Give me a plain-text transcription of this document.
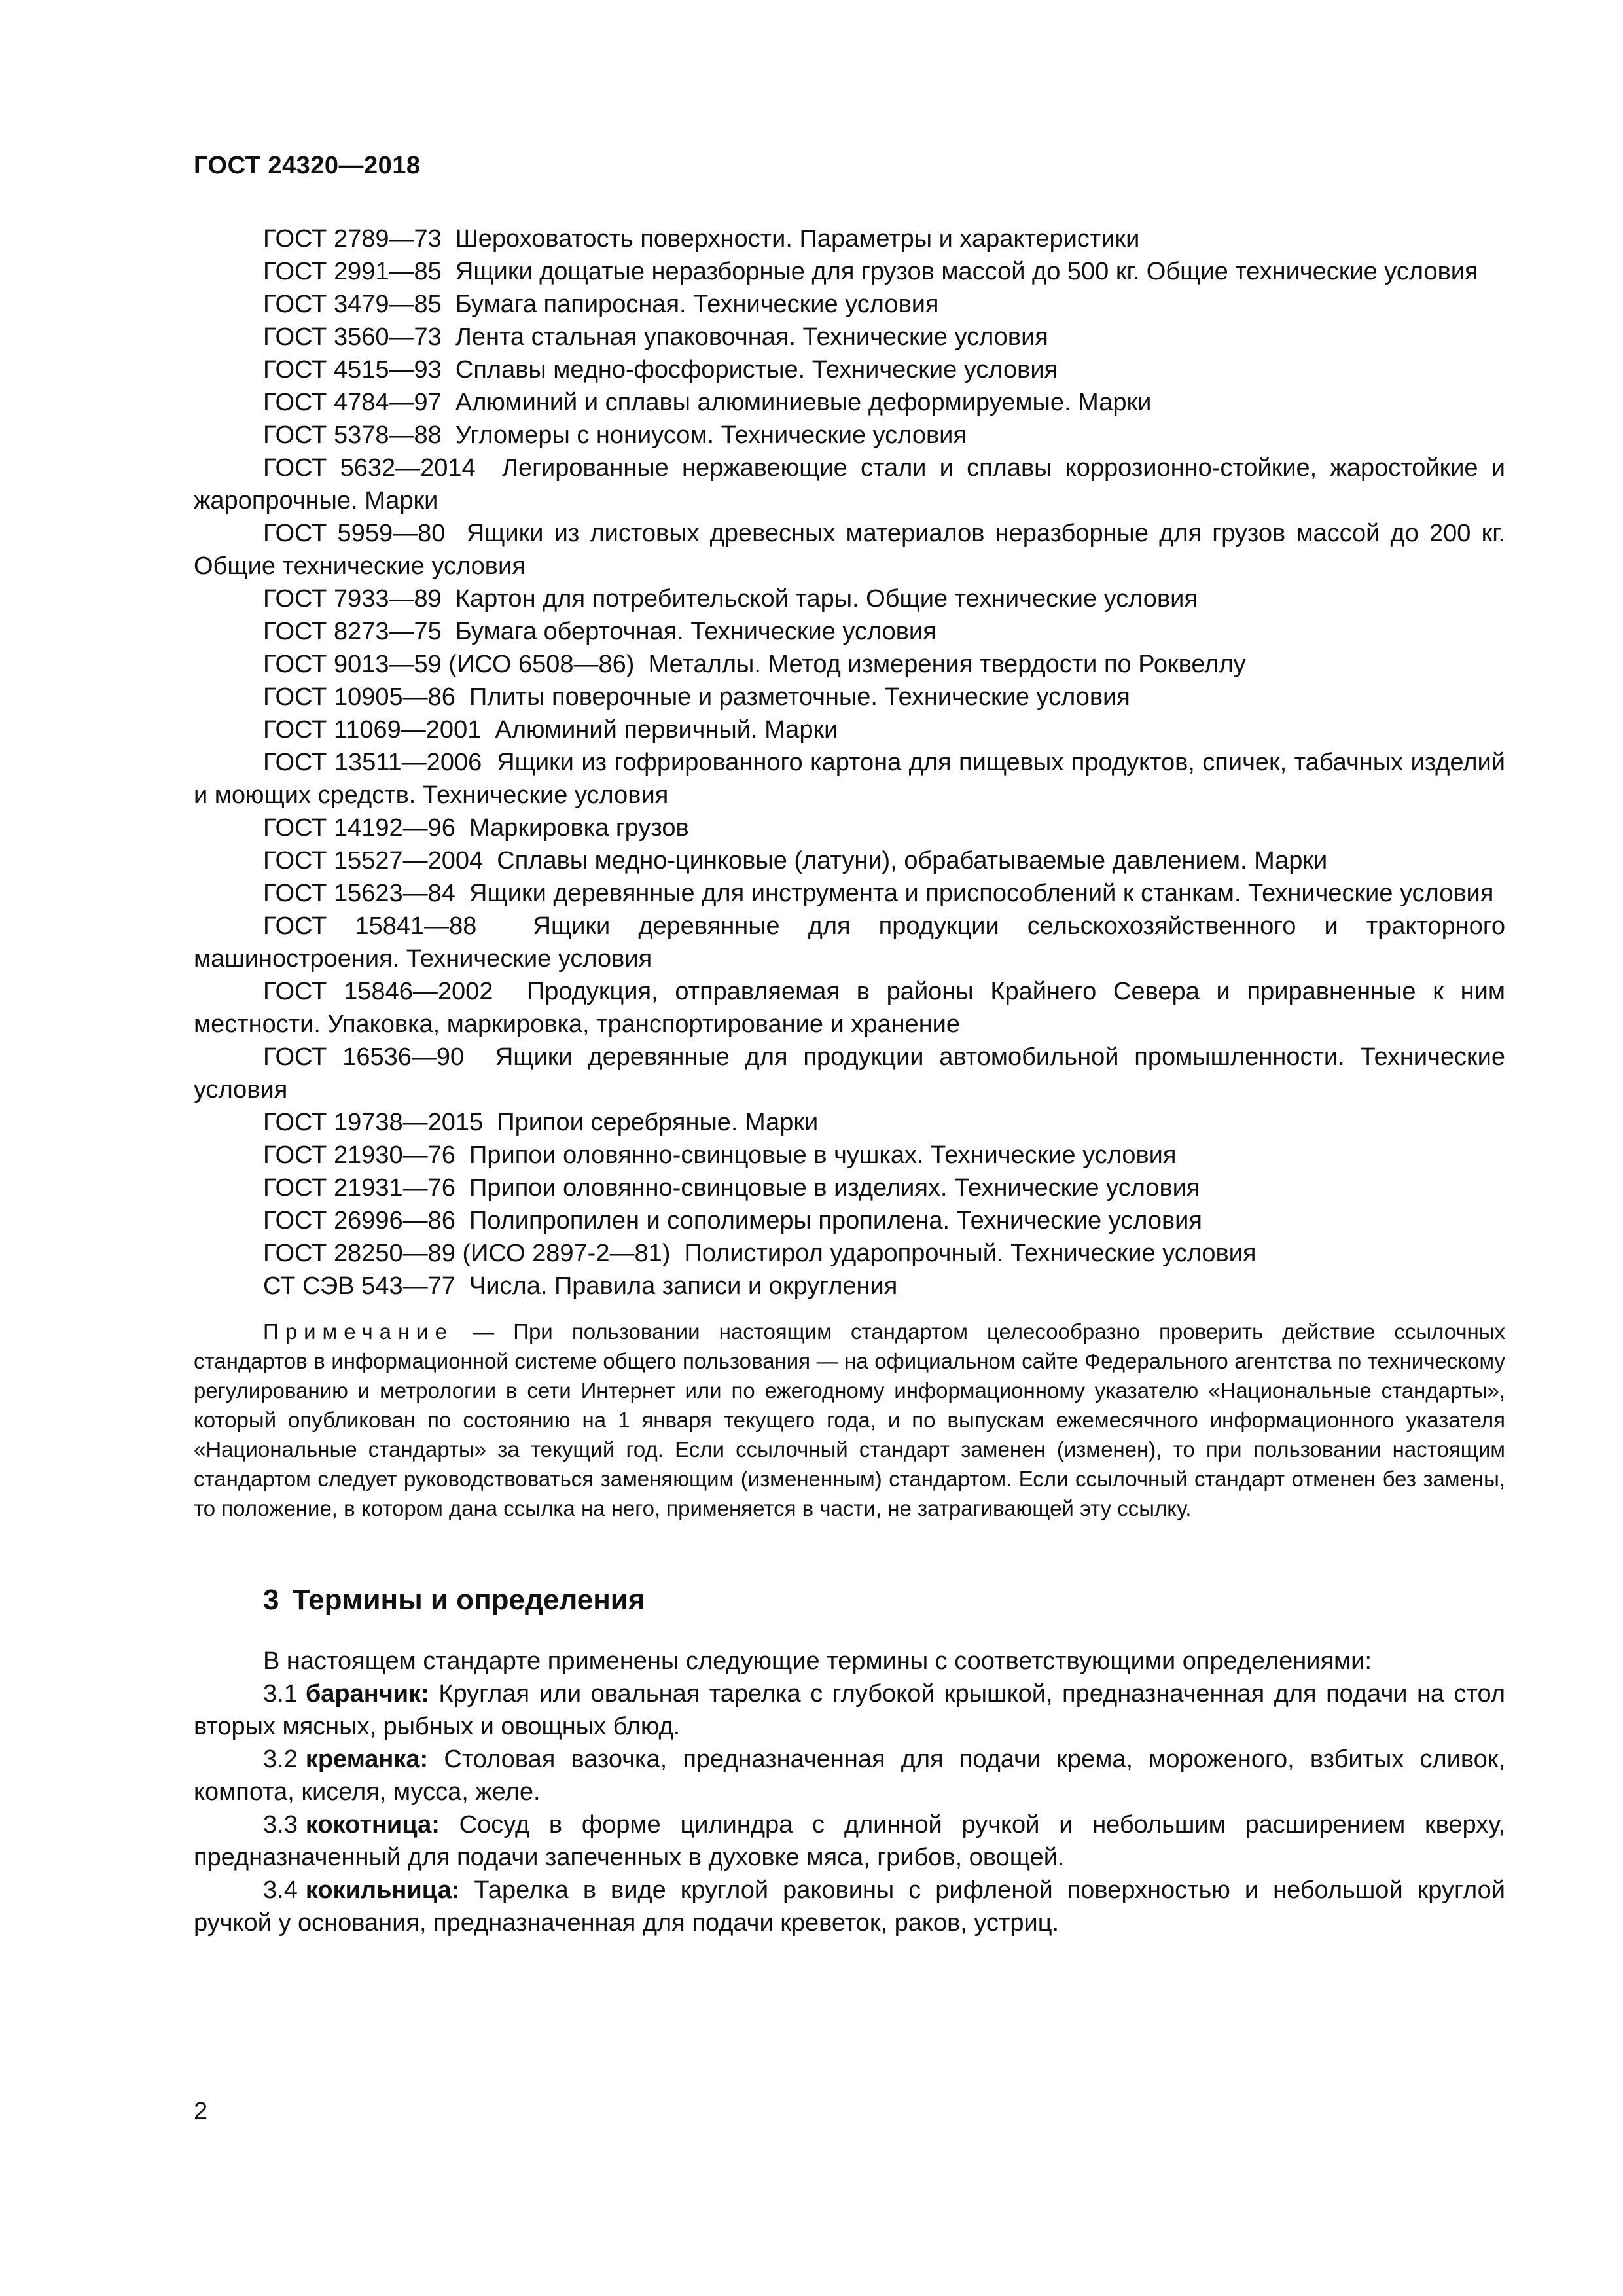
ГОСТ 24320—2018

ГОСТ 2789—73 Шероховатость поверхности. Параметры и характеристики

ГОСТ 2991—85 Ящики дощатые неразборные для грузов массой до 500 кг. Общие технические условия

ГОСТ 3479—85 Бумага папиросная. Технические условия

ГОСТ 3560—73 Лента стальная упаковочная. Технические условия

ГОСТ 4515—93 Сплавы медно-фосфористые. Технические условия

ГОСТ 4784—97 Алюминий и сплавы алюминиевые деформируемые. Марки

ГОСТ 5378—88 Угломеры с нониусом. Технические условия

ГОСТ 5632—2014 Легированные нержавеющие стали и сплавы коррозионно-стойкие, жаростойкие и жаропрочные. Марки

ГОСТ 5959—80 Ящики из листовых древесных материалов неразборные для грузов массой до 200 кг. Общие технические условия

ГОСТ 7933—89 Картон для потребительской тары. Общие технические условия

ГОСТ 8273—75 Бумага оберточная. Технические условия

ГОСТ 9013—59 (ИСО 6508—86) Металлы. Метод измерения твердости по Роквеллу

ГОСТ 10905—86 Плиты поверочные и разметочные. Технические условия

ГОСТ 11069—2001 Алюминий первичный. Марки

ГОСТ 13511—2006 Ящики из гофрированного картона для пищевых продуктов, спичек, табачных изделий и моющих средств. Технические условия

ГОСТ 14192—96 Маркировка грузов

ГОСТ 15527—2004 Сплавы медно-цинковые (латуни), обрабатываемые давлением. Марки

ГОСТ 15623—84 Ящики деревянные для инструмента и приспособлений к станкам. Технические условия

ГОСТ 15841—88 Ящики деревянные для продукции сельскохозяйственного и тракторного машиностроения. Технические условия

ГОСТ 15846—2002 Продукция, отправляемая в районы Крайнего Севера и приравненные к ним местности. Упаковка, маркировка, транспортирование и хранение

ГОСТ 16536—90 Ящики деревянные для продукции автомобильной промышленности. Технические условия

ГОСТ 19738—2015 Припои серебряные. Марки

ГОСТ 21930—76 Припои оловянно-свинцовые в чушках. Технические условия

ГОСТ 21931—76 Припои оловянно-свинцовые в изделиях. Технические условия

ГОСТ 26996—86 Полипропилен и сополимеры пропилена. Технические условия

ГОСТ 28250—89 (ИСО 2897-2—81) Полистирол ударопрочный. Технические условия

СТ СЭВ 543—77 Числа. Правила записи и округления

Примечание — При пользовании настоящим стандартом целесообразно проверить действие ссылочных стандартов в информационной системе общего пользования — на официальном сайте Федерального агентства по техническому регулированию и метрологии в сети Интернет или по ежегодному информационному указателю «Национальные стандарты», который опубликован по состоянию на 1 января текущего года, и по выпускам ежемесячного информационного указателя «Национальные стандарты» за текущий год. Если ссылочный стандарт заменен (изменен), то при пользовании настоящим стандартом следует руководствоваться заменяющим (измененным) стандартом. Если ссылочный стандарт отменен без замены, то положение, в котором дана ссылка на него, применяется в части, не затрагивающей эту ссылку.
3 Термины и определения

В настоящем стандарте применены следующие термины с соответствующими определениями:

3.1 баранчик: Круглая или овальная тарелка с глубокой крышкой, предназначенная для подачи на стол вторых мясных, рыбных и овощных блюд.

3.2 креманка: Столовая вазочка, предназначенная для подачи крема, мороженого, взбитых сливок, компота, киселя, мусса, желе.

3.3 кокотница: Сосуд в форме цилиндра с длинной ручкой и небольшим расширением кверху, предназначенный для подачи запеченных в духовке мяса, грибов, овощей.

3.4 кокильница: Тарелка в виде круглой раковины с рифленой поверхностью и небольшой круглой ручкой у основания, предназначенная для подачи креветок, раков, устриц.

2
